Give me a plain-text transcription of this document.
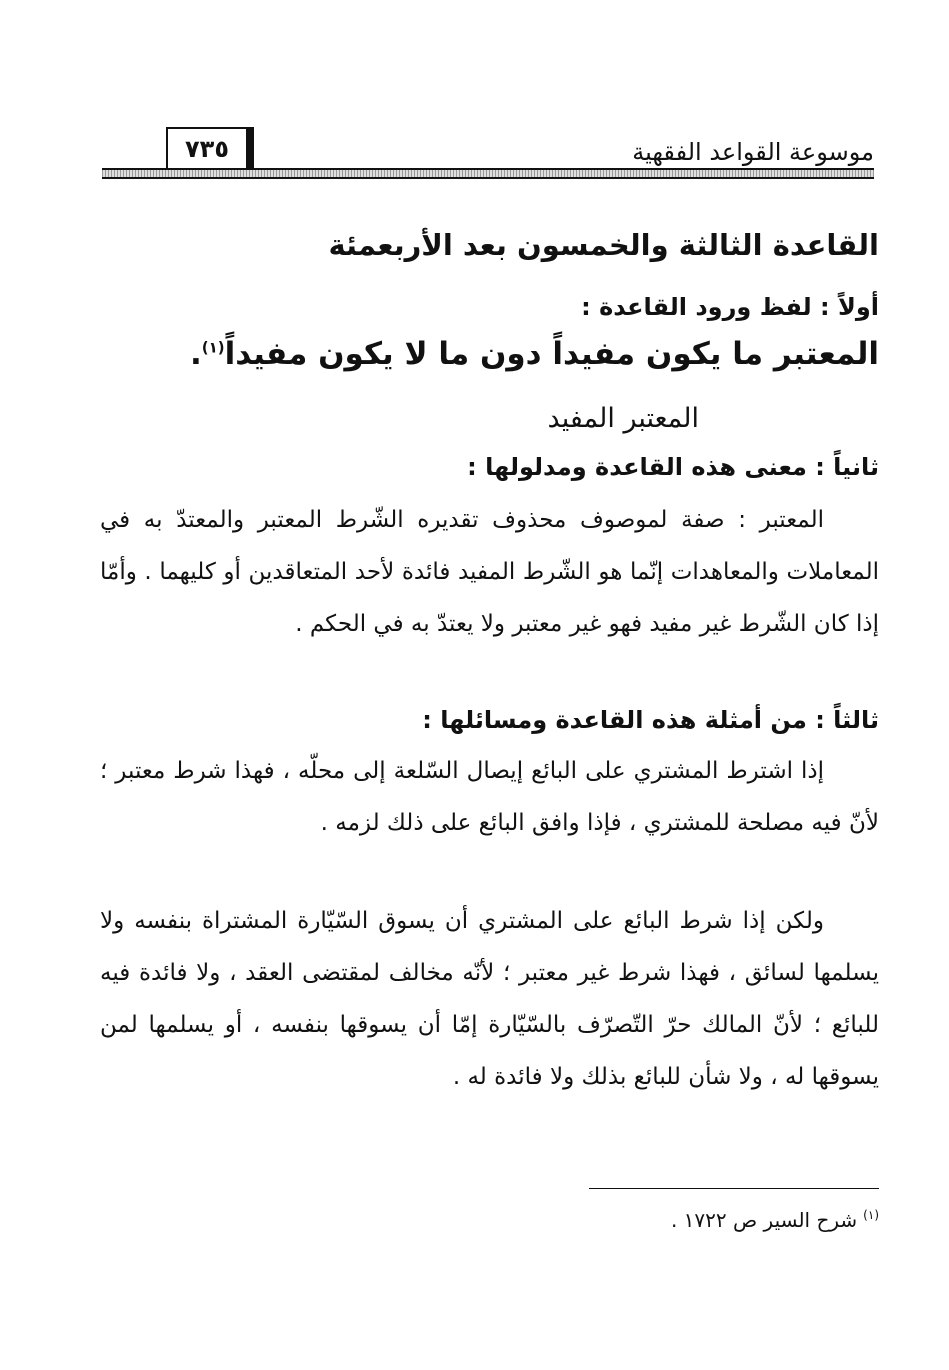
موسوعة القواعد الفقهية
٧٣٥
القاعدة الثالثة والخمسون بعد الأربعمئة
أولاً : لفظ ورود القاعدة :
المعتبر ما يكون مفيداً دون ما لا يكون مفيداً$^{(١)}$.
المعتبر المفيد
ثانياً : معنى هذه القاعدة ومدلولها :
المعتبر : صفة لموصوف محذوف تقديره الشّرط المعتبر والمعتدّ به في المعاملات والمعاهدات إنّما هو الشّرط المفيد فائدة لأحد المتعاقدين أو كليهما . وأمّا إذا كان الشّرط غير مفيد فهو غير معتبر ولا يعتدّ به في الحكم .
ثالثاً : من أمثلة هذه القاعدة ومسائلها :
إذا اشترط المشتري على البائع إيصال السّلعة إلى محلّه ، فهذا شرط معتبر ؛ لأنّ فيه مصلحة للمشتري ، فإذا وافق البائع على ذلك لزمه .
ولكن إذا شرط البائع على المشتري أن يسوق السّيّارة المشتراة بنفسه ولا يسلمها لسائق ، فهذا شرط غير معتبر ؛ لأنّه مخالف لمقتضى العقد ، ولا فائدة فيه للبائع ؛ لأنّ المالك حرّ التّصرّف بالسّيّارة إمّا أن يسوقها بنفسه ، أو يسلمها لمن يسوقها له ، ولا شأن للبائع بذلك ولا فائدة له .
$^{(١)}$شرح السير ص ١٧٢٢ .
